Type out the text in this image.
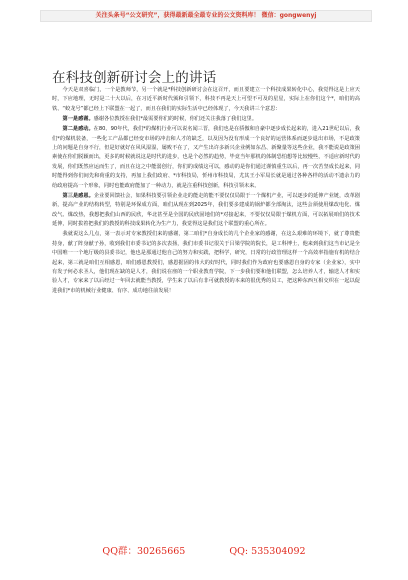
关注头条号“公文研究”，获得最新最全最专业的公文资料库！ 微信：gongwenyj
在科技创新研讨会上的讲话

今天是双喜临门，一个是教师节，另一个就是*科技创新研讨会在这召开，而且要建立一个科技成果转化中心，我觉得这是上应天时，下应地理，无时是二十大以后，在习近平新时代颁和引领下，科技不再是天上可望不可及的星星，实际上在你们这个*，咱们的高铁、“蛟龙号”都已经上下联盟在一起了，而且在我们的实际生活中已经体现了，今天我讲三个意思：

第一是感谢。感谢各位教授在我们*最需要你们的时候，你们还关注我落了我们这里。

第二是感动。在80、90年代，我们*的煤机行业可以说名闻三晋，我们也是在骄傲和自豪中逐步成长起来的，进入21世纪以后，我们*的煤机装备，一些化工产品都已经变市场的冲击和人才的缺乏，以及因为没有形成一个良好的运营体系而逐步退出市场，不是政策上的问题是自身不行，但是好就好在风风湿湿，屡败不在了，又产生出许多新兴企业例如东昌、新聚量等这些企业，我不能说是政策困素使在你们脱颖而出，更多的时候就说这是时代的进步，也是个必然的趋势，毕竟当年那机的体制恐怕想等比较慢些，不适应新时代的发展，你们既然应运而生了，而且在这之中能弱创行，你们的成绩这可以，感动的是你们通过谨慎重生以后，再一次苦坚成长起来，同时能得到你们间先和荷重的支持，再加上我们政府、*市科技局，忻州市科技局，尤其王小军局长就是通过各种各样的活动不遗余力的给政府提高一个形象，同时也能政府能加了一种动力，就是注重科技创新，科技引领未来。

第三是感恩。企业要回馈社会，如果科技要引领企业走的能走的能不要仅仅局限于一个煤机产业，可以逐步的延伸产业链，改革剧新，提高产业的结构转型，特别是环保成方面，咱们从现在到2025年，我们要多建成的锅炉都全部淘汰，这些会须使用煤改电化、煤改气、煤改热，我想把我们山西的民欣，华北甚至是全国的民欣固地们的*对接起来，不要仅仅局限于煤机方面，可以拓展咱们的技术延伸，同时拔着把我们的教授的科技成果转化为生产力，我觉得这是我们这个联盟的重心所在。

我就说这么几点，第一表示对专家教授们来的感谢，第二咱们*自身成长的几个企业家的感谢，在这么艰难的环境下，就了尊贵能持身，献了阵身献子孙，收到我们市委书记的多次表扬，我们市委书记很关于吕梁学院的院长，是工科博士，他来到我们这当市记是全中国唯一一个地厅级的县委书记，他也是那通过他自己的努力和实践，把科学，研究，日常的行政管理这样一个高效率指施有机的结合起来，第三就是咱们互相感恩，咱们感恩教授们，感恩据固的伟大的好时代，同时我们作为政府也要感恩自身的专家（企业家），实中有发子何必求圣人，他们现在缺的是人才，我们说在座的一个职业教育学院，下一步我们要和他们联盟，怎么培养人才，输送人才和实验人才，专家来了以后经过一年回去就能当教授，学生来了以后有非可就教授的本来的很优秀的员工，把这种东西互相交织在一起以促进我们*市的机械行业健康、有序、成功地往前发展！

QQ群：30265665	QQ: 535304092
